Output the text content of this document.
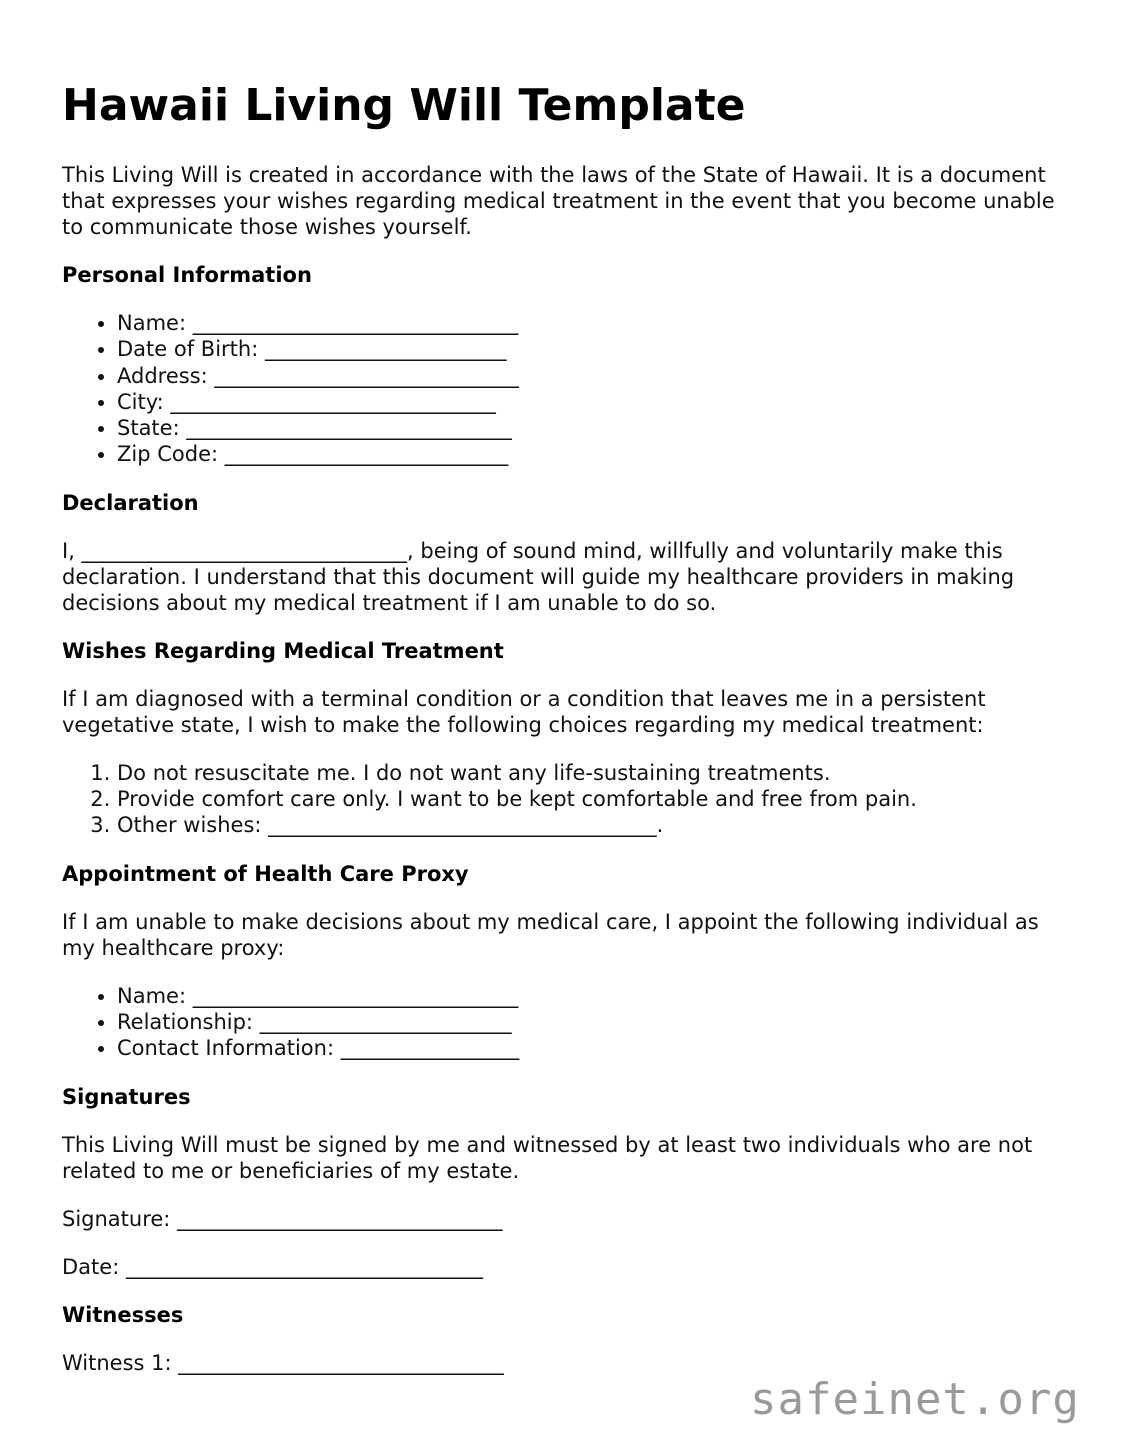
Hawaii Living Will Template

This Living Will is created in accordance with the laws of the State of Hawaii. It is a document that expresses your wishes regarding medical treatment in the event that you become unable to communicate those wishes yourself.

Personal Information
• Name: _______________________________
• Date of Birth: _______________________
• Address: _____________________________
• City: _______________________________
• State: _______________________________
• Zip Code: ___________________________
Declaration

I, _______________________________, being of sound mind, willfully and voluntarily make this declaration. I understand that this document will guide my healthcare providers in making decisions about my medical treatment if I am unable to do so.

Wishes Regarding Medical Treatment

If I am diagnosed with a terminal condition or a condition that leaves me in a persistent vegetative state, I wish to make the following choices regarding my medical treatment:

1. Do not resuscitate me. I do not want any life-sustaining treatments.
2. Provide comfort care only. I want to be kept comfortable and free from pain.
3. Other wishes: _____________________________________.
Appointment of Health Care Proxy

If I am unable to make decisions about my medical care, I appoint the following individual as my healthcare proxy:

• Name: _______________________________
• Relationship: ________________________
• Contact Information: _________________
Signatures

This Living Will must be signed by me and witnessed by at least two individuals who are not related to me or beneficiaries of my estate.

Signature: _______________________________

Date: __________________________________

Witnesses

Witness 1: _______________________________

safeinet.org
